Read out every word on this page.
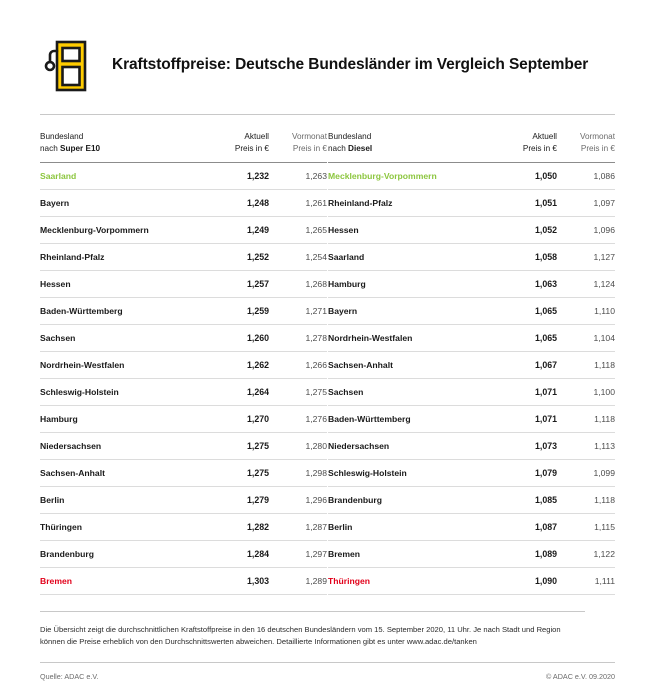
Kraftstoffpreise: Deutsche Bundesländer im Vergleich September
Bundesland
nach Super E10
Aktuell
Preis in €
Vormonat
Preis in €
Saarland	1,232	1,263
Bayern	1,248	1,261
Mecklenburg-Vorpommern	1,249	1,265
Rheinland-Pfalz	1,252	1,254
Hessen	1,257	1,268
Baden-Württemberg	1,259	1,271
Sachsen	1,260	1,278
Nordrhein-Westfalen	1,262	1,266
Schleswig-Holstein	1,264	1,275
Hamburg	1,270	1,276
Niedersachsen	1,275	1,280
Sachsen-Anhalt	1,275	1,298
Berlin	1,279	1,296
Thüringen	1,282	1,287
Brandenburg	1,284	1,297
Bremen	1,303	1,289
Bundesland
nach Diesel
Aktuell
Preis in €
Vormonat
Preis in €
Mecklenburg-Vorpommern	1,050	1,086
Rheinland-Pfalz	1,051	1,097
Hessen	1,052	1,096
Saarland	1,058	1,127
Hamburg	1,063	1,124
Bayern	1,065	1,110
Nordrhein-Westfalen	1,065	1,104
Sachsen-Anhalt	1,067	1,118
Sachsen	1,071	1,100
Baden-Württemberg	1,071	1,118
Niedersachsen	1,073	1,113
Schleswig-Holstein	1,079	1,099
Brandenburg	1,085	1,118
Berlin	1,087	1,115
Bremen	1,089	1,122
Thüringen	1,090	1,111
Die Übersicht zeigt die durchschnittlichen Kraftstoffpreise in den 16 deutschen Bundesländern vom 15. September 2020, 11 Uhr. Je nach Stadt und Region können die Preise erheblich von den Durchschnittswerten abweichen. Detaillierte Informationen gibt es unter www.adac.de/tanken
Quelle: ADAC e.V.	© ADAC e.V. 09.2020
